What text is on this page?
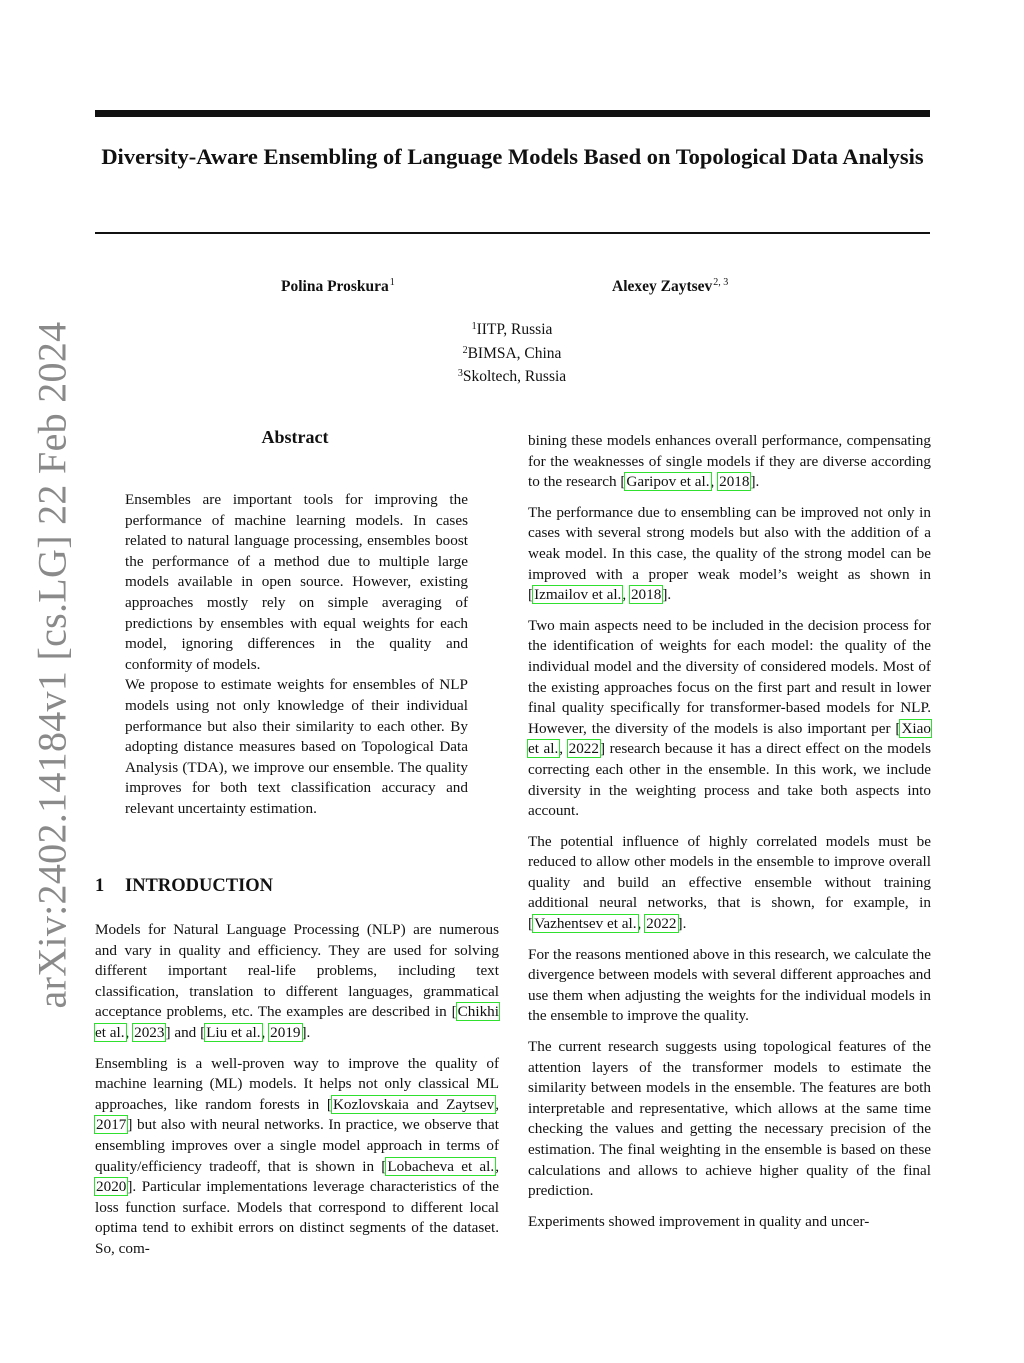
arXiv:2402.14184v1 [cs.LG] 22 Feb 2024
Diversity-Aware Ensembling of Language Models Based on Topological Data Analysis
Polina Proskura$^1$	Alexey Zaytsev$^{2, 3}$
$^1$IITP, Russia
$^2$BIMSA, China
$^3$Skoltech, Russia
Abstract

Ensembles are important tools for improving the performance of machine learning models. In cases related to natural language processing, ensembles boost the performance of a method due to multiple large models available in open source. However, existing approaches mostly rely on simple averaging of predictions by ensembles with equal weights for each model, ignoring differences in the quality and conformity of models.

We propose to estimate weights for ensembles of NLP models using not only knowledge of their individual performance but also their similarity to each other. By adopting distance measures based on Topological Data Analysis (TDA), we improve our ensemble. The quality improves for both text classification accuracy and relevant uncertainty estimation.

1 INTRODUCTION

Models for Natural Language Processing (NLP) are numerous and vary in quality and efficiency. They are used for solving different important real-life problems, including text classification, translation to different languages, grammatical acceptance problems, etc. The examples are described in [Chikhi et al., 2023] and [Liu et al., 2019].

Ensembling is a well-proven way to improve the quality of machine learning (ML) models. It helps not only classical ML approaches, like random forests in [Kozlovskaia and Zaytsev, 2017] but also with neural networks. In practice, we observe that ensembling improves over a single model approach in terms of quality/efficiency tradeoff, that is shown in [Lobacheva et al., 2020]. Particular implementations leverage characteristics of the loss function surface. Models that correspond to different local optima tend to exhibit errors on distinct segments of the dataset. So, com-

bining these models enhances overall performance, compensating for the weaknesses of single models if they are diverse according to the research [Garipov et al., 2018].

The performance due to ensembling can be improved not only in cases with several strong models but also with the addition of a weak model. In this case, the quality of the strong model can be improved with a proper weak model’s weight as shown in [Izmailov et al., 2018].

Two main aspects need to be included in the decision process for the identification of weights for each model: the quality of the individual model and the diversity of considered models. Most of the existing approaches focus on the first part and result in lower final quality specifically for transformer-based models for NLP. However, the diversity of the models is also important per [Xiao et al., 2022] research because it has a direct effect on the models correcting each other in the ensemble. In this work, we include diversity in the weighting process and take both aspects into account.

The potential influence of highly correlated models must be reduced to allow other models in the ensemble to improve overall quality and build an effective ensemble without training additional neural networks, that is shown, for example, in [Vazhentsev et al., 2022].

For the reasons mentioned above in this research, we calculate the divergence between models with several different approaches and use them when adjusting the weights for the individual models in the ensemble to improve the quality.

The current research suggests using topological features of the attention layers of the transformer models to estimate the similarity between models in the ensemble. The features are both interpretable and representative, which allows at the same time checking the values and getting the necessary precision of the estimation. The final weighting in the ensemble is based on these calculations and allows to achieve higher quality of the final prediction.

Experiments showed improvement in quality and uncer-
